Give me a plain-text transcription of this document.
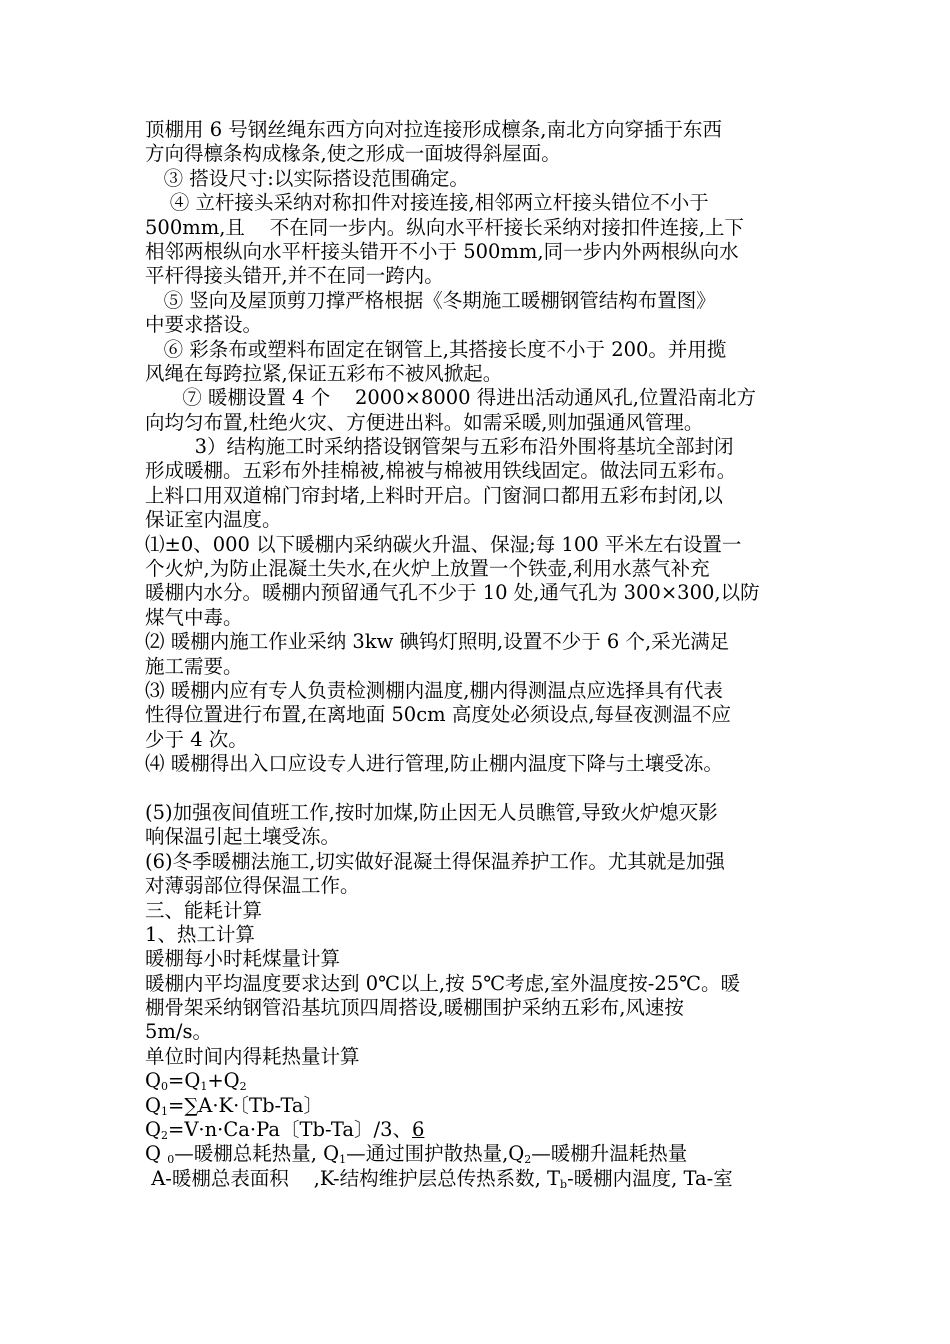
顶棚用 6 号钢丝绳东西方向对拉连接形成檩条,南北方向穿插于东西
方向得檩条构成椽条,使之形成一面坡得斜屋面。
③ 搭设尺寸:以实际搭设范围确定。
④ 立杆接头采纳对称扣件对接连接,相邻两立杆接头错位不小于
500mm,且    不在同一步内。纵向水平杆接长采纳对接扣件连接,上下
相邻两根纵向水平杆接头错开不小于 500mm,同一步内外两根纵向水
平杆得接头错开,并不在同一跨内。
⑤ 竖向及屋顶剪刀撑严格根据《冬期施工暖棚钢管结构布置图》
中要求搭设。
⑥ 彩条布或塑料布固定在钢管上,其搭接长度不小于 200。并用揽
风绳在每跨拉紧,保证五彩布不被风掀起。
⑦ 暖棚设置 4 个    2000×8000 得进出活动通风孔,位置沿南北方
向均匀布置,杜绝火灾、方便进出料。如需采暖,则加强通风管理。
3）结构施工时采纳搭设钢管架与五彩布沿外围将基坑全部封闭
形成暖棚。五彩布外挂棉被,棉被与棉被用铁线固定。做法同五彩布。
上料口用双道棉门帘封堵,上料时开启。门窗洞口都用五彩布封闭,以
保证室内温度。
⑴±0、000 以下暖棚内采纳碳火升温、保湿;每 100 平米左右设置一
个火炉,为防止混凝土失水,在火炉上放置一个铁壶,利用水蒸气补充
暖棚内水分。暖棚内预留通气孔不少于 10 处,通气孔为 300×300,以防
煤气中毒。
⑵ 暖棚内施工作业采纳 3kw 碘钨灯照明,设置不少于 6 个,采光满足
施工需要。
⑶ 暖棚内应有专人负责检测棚内温度,棚内得测温点应选择具有代表
性得位置进行布置,在离地面 50cm 高度处必须设点,每昼夜测温不应
少于 4 次。
⑷ 暖棚得出入口应设专人进行管理,防止棚内温度下降与土壤受冻。
(5)加强夜间值班工作,按时加煤,防止因无人员瞧管,导致火炉熄灭影
响保温引起土壤受冻。
(6)冬季暖棚法施工,切实做好混凝土得保温养护工作。尤其就是加强
对薄弱部位得保温工作。
三、能耗计算
1、热工计算
暖棚每小时耗煤量计算
暖棚内平均温度要求达到 0℃以上,按 5℃考虑,室外温度按-25℃。暖
棚骨架采纳钢管沿基坑顶四周搭设,暖棚围护采纳五彩布,风速按
5m/s。
单位时间内得耗热量计算
$Q_0=Q_1+Q_2$
$Q_1=\sum A\cdot K\cdot$〔Tb-Ta〕
$Q_2=V\cdot n\cdot Ca\cdot Pa$〔Tb-Ta〕/3、6
Q $_0$—暖棚总耗热量, $Q_1—$通过围护散热量$,Q_2—$暖棚升温耗热量
A-暖棚总表面积    ,K-结构维护层总传热系数, $T_b-$暖棚内温度, Ta-室
